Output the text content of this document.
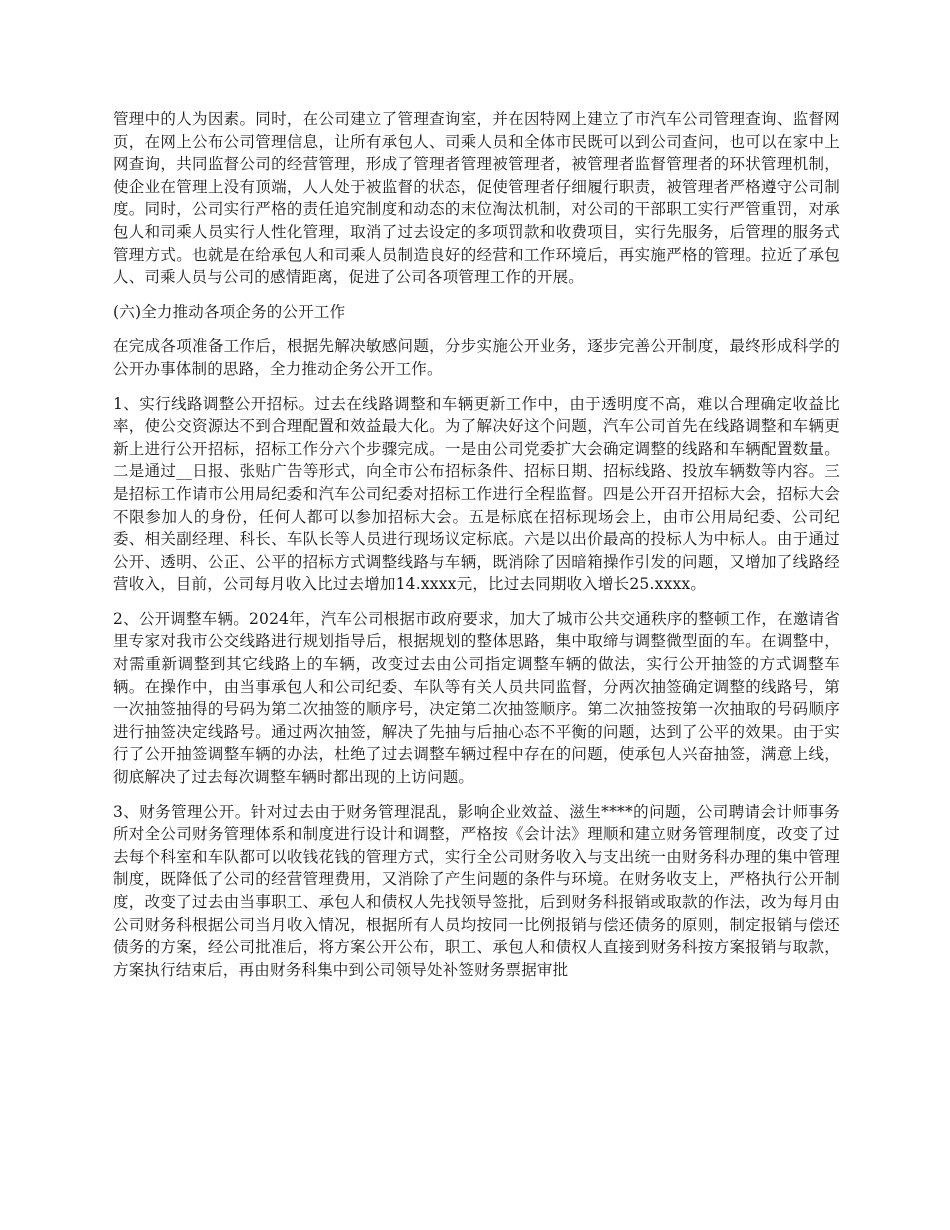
管理中的人为因素。同时，在公司建立了管理查询室，并在因特网上建立了市汽车公司管理查询、监督网页，在网上公布公司管理信息，让所有承包人、司乘人员和全体市民既可以到公司查问，也可以在家中上网查询，共同监督公司的经营管理，形成了管理者管理被管理者，被管理者监督管理者的环状管理机制，使企业在管理上没有顶端，人人处于被监督的状态，促使管理者仔细履行职责，被管理者严格遵守公司制度。同时，公司实行严格的责任追究制度和动态的末位淘汰机制，对公司的干部职工实行严管重罚，对承包人和司乘人员实行人性化管理，取消了过去设定的多项罚款和收费项目，实行先服务，后管理的服务式管理方式。也就是在给承包人和司乘人员制造良好的经营和工作环境后，再实施严格的管理。拉近了承包人、司乘人员与公司的感情距离，促进了公司各项管理工作的开展。

(六)全力推动各项企务的公开工作

在完成各项准备工作后，根据先解决敏感问题，分步实施公开业务，逐步完善公开制度，最终形成科学的公开办事体制的思路，全力推动企务公开工作。

1、实行线路调整公开招标。过去在线路调整和车辆更新工作中，由于透明度不高，难以合理确定收益比率，使公交资源达不到合理配置和效益最大化。为了解决好这个问题，汽车公司首先在线路调整和车辆更新上进行公开招标，招标工作分六个步骤完成。一是由公司党委扩大会确定调整的线路和车辆配置数量。二是通过__日报、张贴广告等形式，向全市公布招标条件、招标日期、招标线路、投放车辆数等内容。三是招标工作请市公用局纪委和汽车公司纪委对招标工作进行全程监督。四是公开召开招标大会，招标大会不限参加人的身份，任何人都可以参加招标大会。五是标底在招标现场会上，由市公用局纪委、公司纪委、相关副经理、科长、车队长等人员进行现场议定标底。六是以出价最高的投标人为中标人。由于通过公开、透明、公正、公平的招标方式调整线路与车辆，既消除了因暗箱操作引发的问题，又增加了线路经营收入，目前，公司每月收入比过去增加14.xxxx元，比过去同期收入增长25.xxxx。

2、公开调整车辆。2024年，汽车公司根据市政府要求，加大了城市公共交通秩序的整顿工作，在邀请省里专家对我市公交线路进行规划指导后，根据规划的整体思路，集中取缔与调整微型面的车。在调整中，对需重新调整到其它线路上的车辆，改变过去由公司指定调整车辆的做法，实行公开抽签的方式调整车辆。在操作中，由当事承包人和公司纪委、车队等有关人员共同监督，分两次抽签确定调整的线路号，第一次抽签抽得的号码为第二次抽签的顺序号，决定第二次抽签顺序。第二次抽签按第一次抽取的号码顺序进行抽签决定线路号。通过两次抽签，解决了先抽与后抽心态不平衡的问题，达到了公平的效果。由于实行了公开抽签调整车辆的办法，杜绝了过去调整车辆过程中存在的问题，使承包人兴奋抽签，满意上线，彻底解决了过去每次调整车辆时都出现的上访问题。

3、财务管理公开。针对过去由于财务管理混乱，影响企业效益、滋生****的问题，公司聘请会计师事务所对全公司财务管理体系和制度进行设计和调整，严格按《会计法》理顺和建立财务管理制度，改变了过去每个科室和车队都可以收钱花钱的管理方式，实行全公司财务收入与支出统一由财务科办理的集中管理制度，既降低了公司的经营管理费用，又消除了产生问题的条件与环境。在财务收支上，严格执行公开制度，改变了过去由当事职工、承包人和债权人先找领导签批，后到财务科报销或取款的作法，改为每月由公司财务科根据公司当月收入情况，根据所有人员均按同一比例报销与偿还债务的原则，制定报销与偿还债务的方案，经公司批准后，将方案公开公布，职工、承包人和债权人直接到财务科按方案报销与取款，方案执行结束后，再由财务科集中到公司领导处补签财务票据审批
